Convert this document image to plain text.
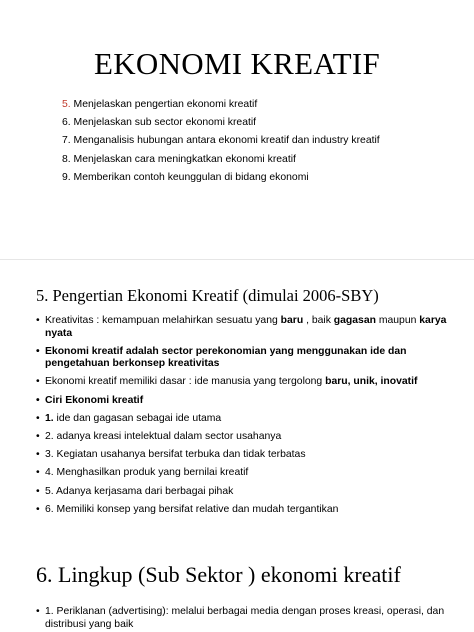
EKONOMI KREATIF
5. Menjelaskan pengertian ekonomi kreatif
6. Menjelaskan sub sector ekonomi kreatif
7. Menganalisis hubungan antara ekonomi kreatif dan industry kreatif
8. Menjelaskan cara meningkatkan ekonomi kreatif
9. Memberikan contoh keunggulan di bidang ekonomi
5. Pengertian Ekonomi Kreatif (dimulai 2006-SBY)
• Kreativitas : kemampuan melahirkan sesuatu yang baru , baik gagasan maupun karya nyata
• Ekonomi kreatif adalah sector perekonomian yang menggunakan ide dan pengetahuan berkonsep kreativitas
• Ekonomi kreatif memiliki dasar : ide manusia yang tergolong baru, unik, inovatif
• Ciri Ekonomi kreatif
• 1. ide dan gagasan sebagai ide utama
• 2. adanya kreasi intelektual dalam sector usahanya
• 3. Kegiatan usahanya bersifat terbuka dan tidak terbatas
• 4. Menghasilkan produk yang bernilai kreatif
• 5. Adanya kerjasama dari berbagai pihak
• 6. Memiliki konsep yang bersifat relative dan mudah tergantikan
6. Lingkup (Sub Sektor ) ekonomi kreatif
• 1. Periklanan (advertising): melalui berbagai media dengan proses kreasi, operasi, dan distribusi yang baik
